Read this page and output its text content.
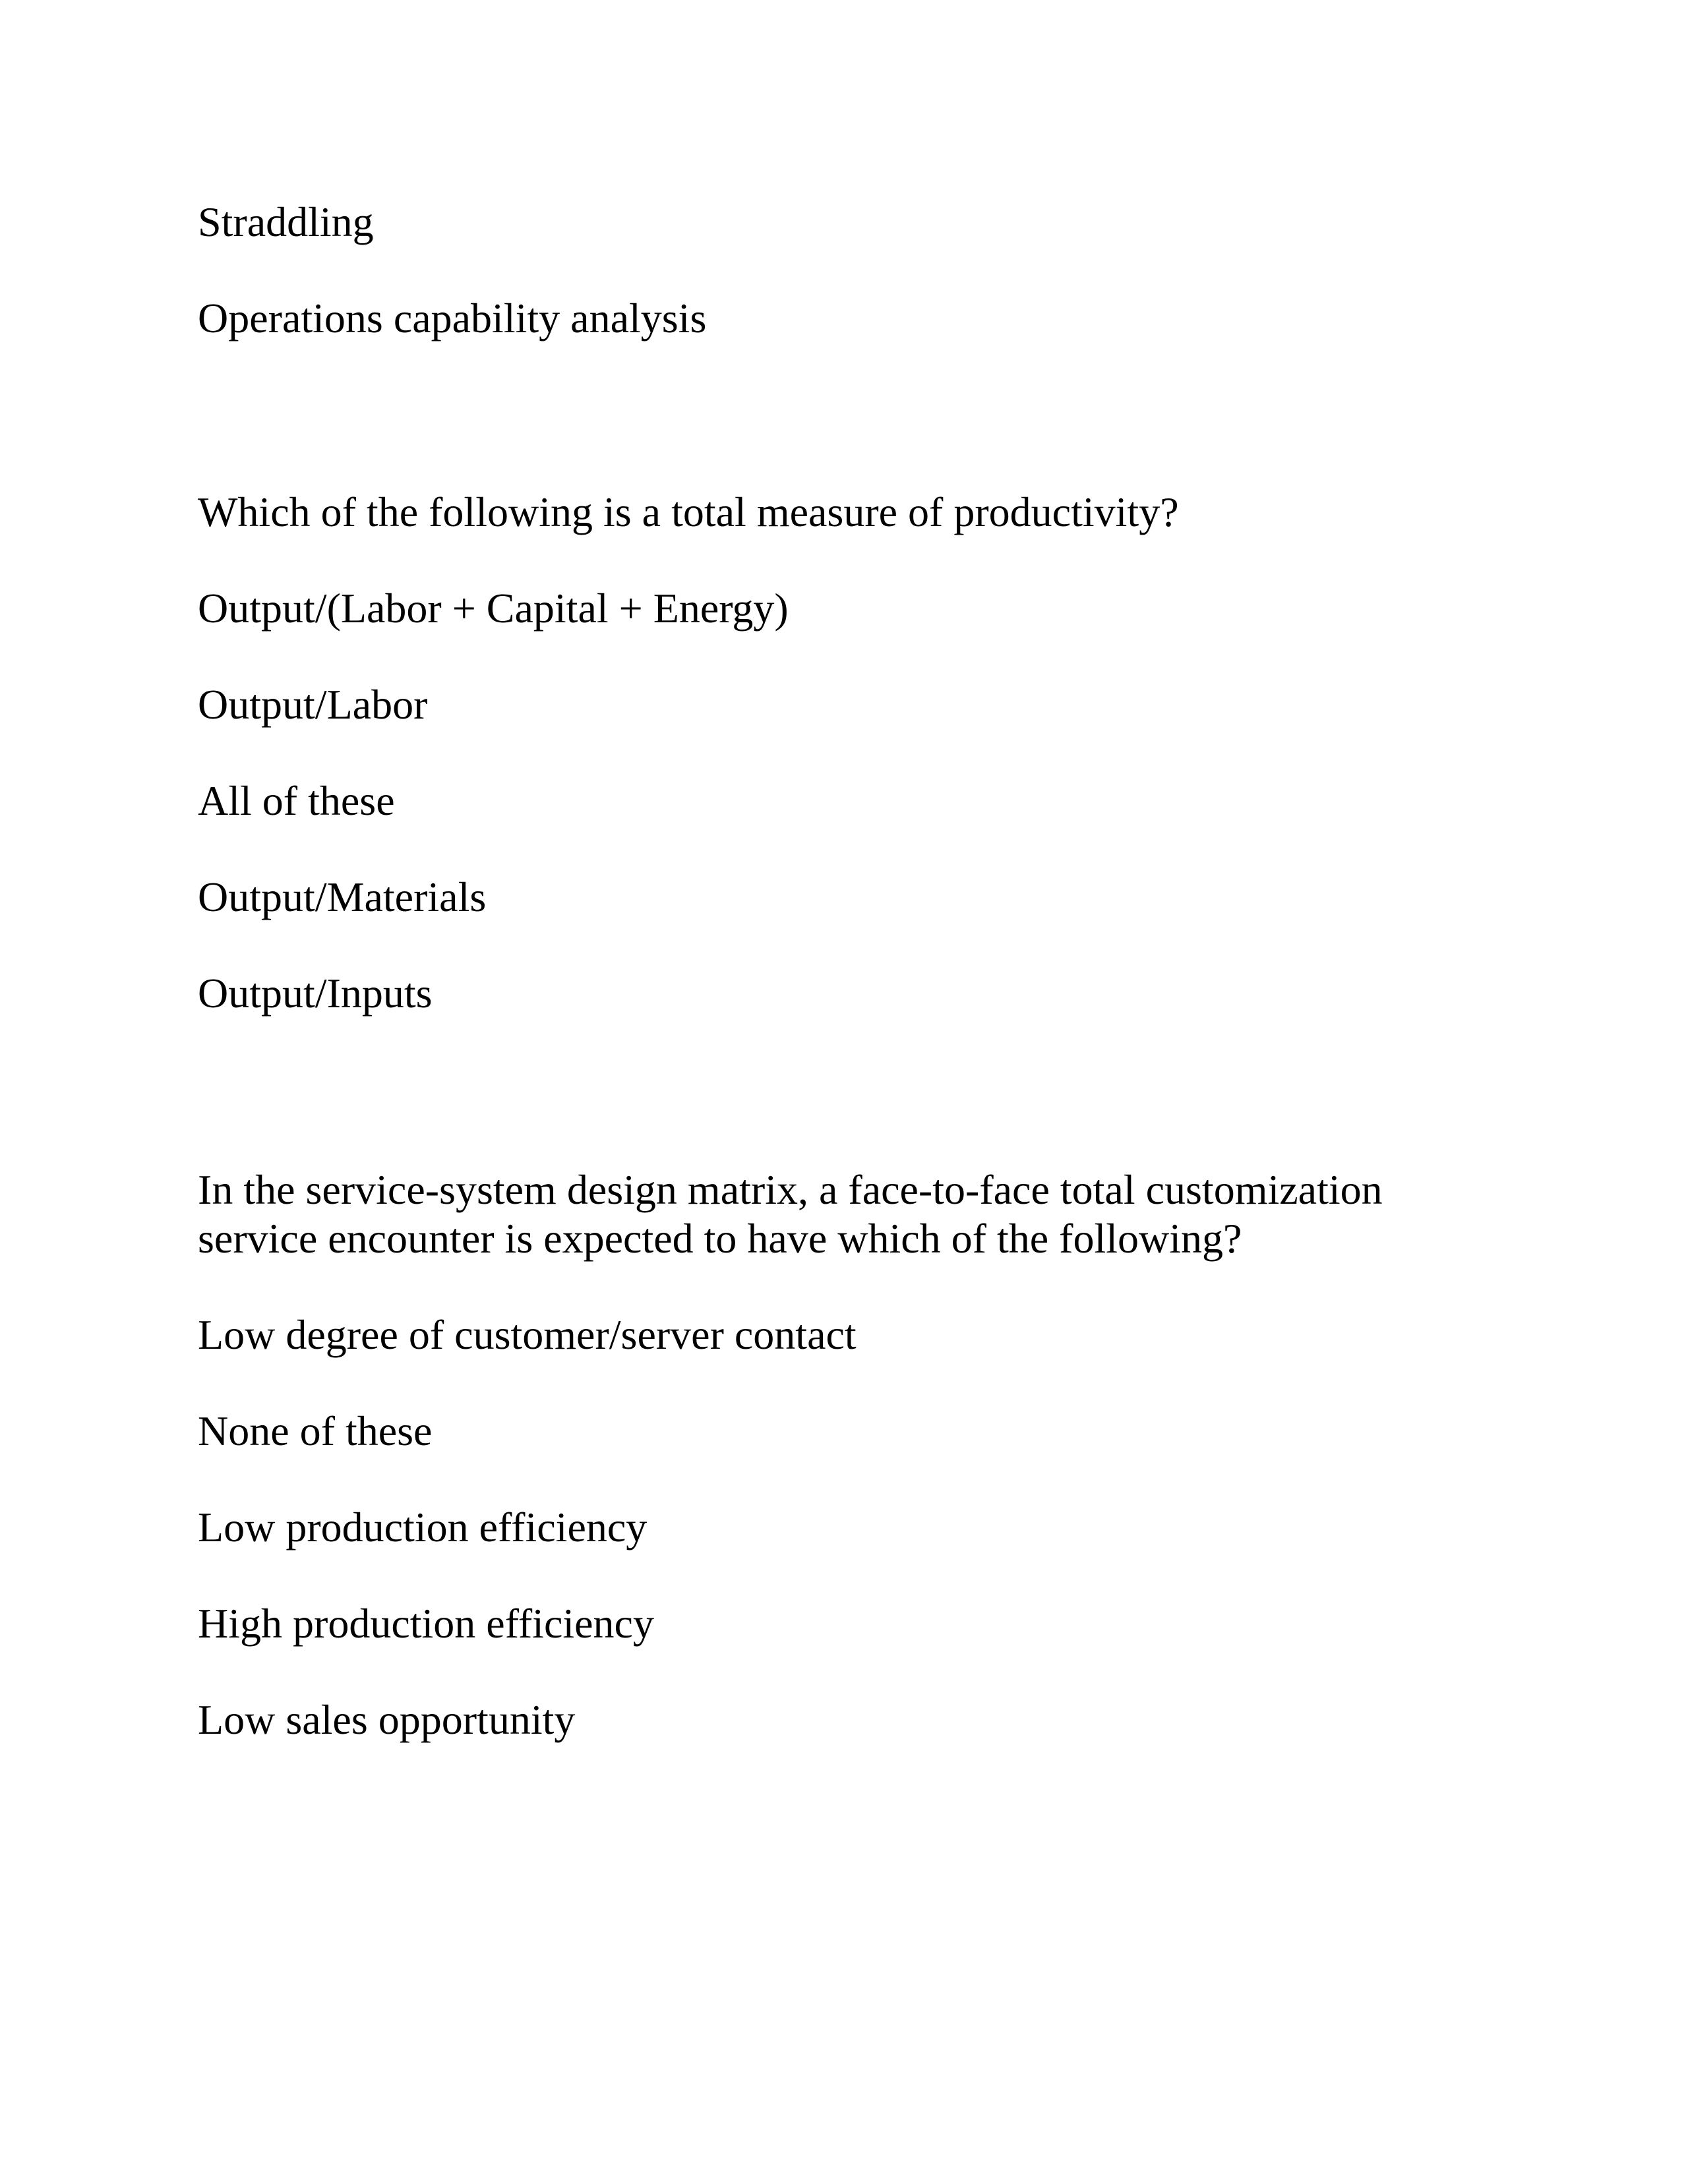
Straddling

Operations capability analysis

Which of the following is a total measure of productivity?

Output/(Labor + Capital + Energy)

Output/Labor

All of these

Output/Materials

Output/Inputs

In the service-system design matrix, a face-to-face total customization

service encounter is expected to have which of the following?

Low degree of customer/server contact

None of these

Low production efficiency

High production efficiency

Low sales opportunity
